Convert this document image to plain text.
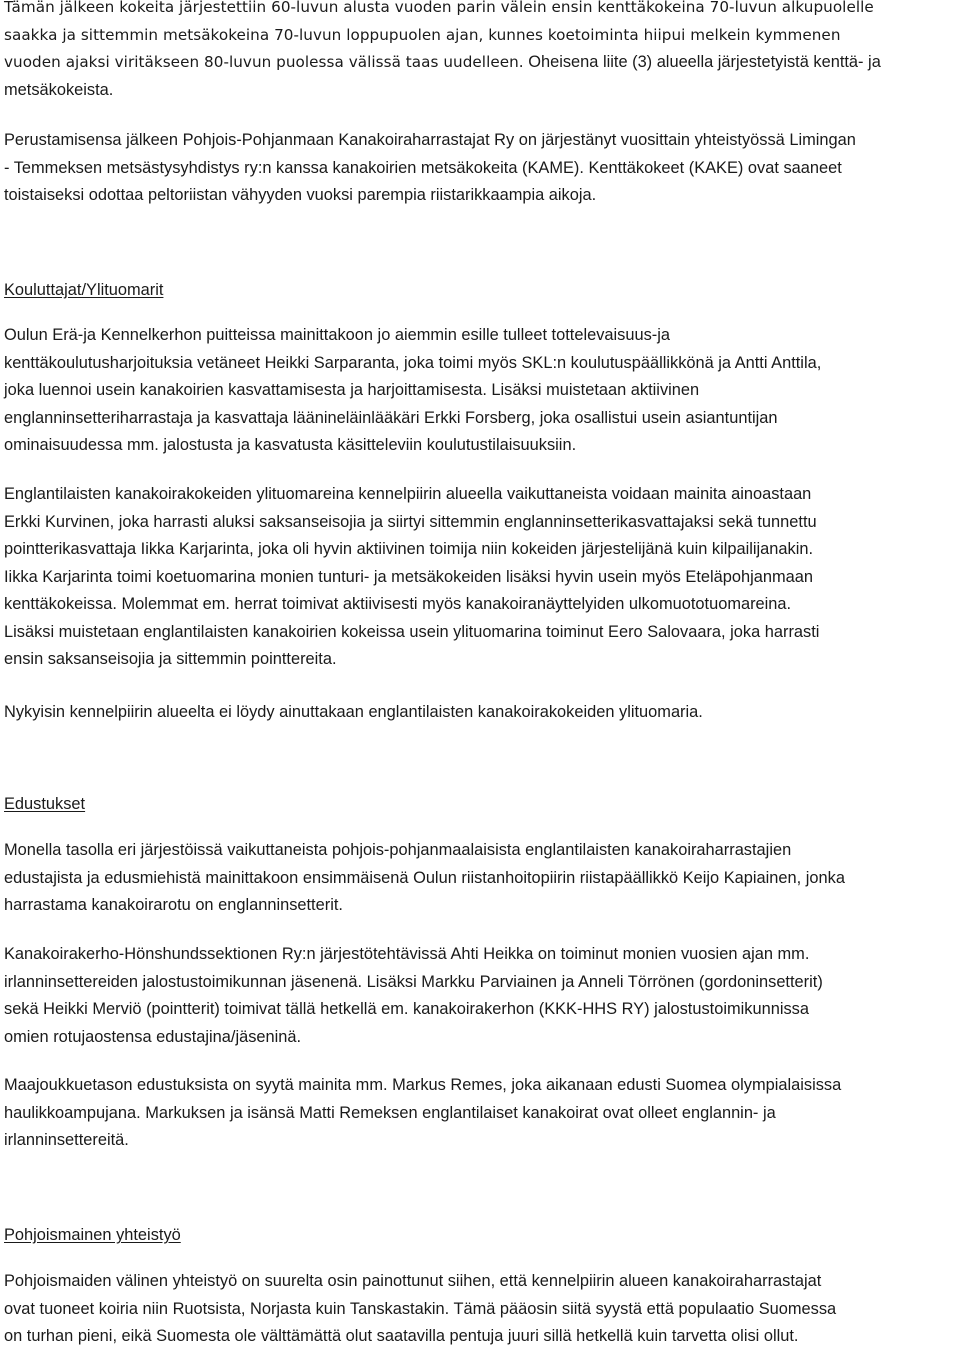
Tämän jälkeen kokeita järjestettiin 60-luvun alusta vuoden parin välein ensin kenttäkokeina 70-luvun alkupuolelle
saakka ja sittemmin metsäkokeina 70-luvun loppupuolen ajan, kunnes koetoiminta hiipui melkein kymmenen
vuoden ajaksi viritäkseen 80-luvun puolessa välissä taas uudelleen. Oheisena liite (3) alueella järjestetyistä kenttä- ja
metsäkokeista.
Perustamisensa jälkeen Pohjois-Pohjanmaan Kanakoiraharrastajat Ry on järjestänyt vuosittain yhteistyössä Limingan
- Temmeksen metsästysyhdistys ry:n kanssa kanakoirien metsäkokeita (KAME). Kenttäkokeet (KAKE) ovat saaneet
toistaiseksi odottaa peltoriistan vähyyden vuoksi parempia riistarikkaampia aikoja.
Kouluttajat/Ylituomarit
Oulun Erä-ja Kennelkerhon puitteissa mainittakoon jo aiemmin esille tulleet tottelevaisuus-ja
kenttäkoulutusharjoituksia vetäneet Heikki Sarparanta, joka toimi myös SKL:n koulutuspäällikkönä ja Antti Anttila,
joka luennoi usein kanakoirien kasvattamisesta ja harjoittamisesta. Lisäksi muistetaan aktiivinen
englanninsetteriharrastaja ja kasvattaja läänineläinlääkäri Erkki Forsberg, joka osallistui usein asiantuntijan
ominaisuudessa mm. jalostusta ja kasvatusta käsitteleviin koulutustilaisuuksiin.
Englantilaisten kanakoirakokeiden ylituomareina kennelpiirin alueella vaikuttaneista voidaan mainita ainoastaan
Erkki Kurvinen, joka harrasti aluksi saksanseisojia ja siirtyi sittemmin englanninsetterikasvattajaksi sekä tunnettu
pointterikasvattaja Iikka Karjarinta, joka oli hyvin aktiivinen toimija niin kokeiden järjestelijänä kuin kilpailijanakin.
Iikka Karjarinta toimi koetuomarina monien tunturi- ja metsäkokeiden lisäksi hyvin usein myös Eteläpohjanmaan
kenttäkokeissa. Molemmat em. herrat toimivat aktiivisesti myös kanakoiranäyttelyiden ulkomuototuomareina.
Lisäksi muistetaan englantilaisten kanakoirien kokeissa usein ylituomarina toiminut Eero Salovaara, joka harrasti
ensin saksanseisojia ja sittemmin pointtereita.
Nykyisin kennelpiirin alueelta ei löydy ainuttakaan englantilaisten kanakoirakokeiden ylituomaria.
Edustukset
Monella tasolla eri järjestöissä vaikuttaneista pohjois-pohjanmaalaisista englantilaisten kanakoiraharrastajien
edustajista ja edusmiehistä mainittakoon ensimmäisenä Oulun riistanhoitopiirin riistapäällikkö Keijo Kapiainen, jonka
harrastama kanakoirarotu on englanninsetterit.
Kanakoirakerho-Hönshundssektionen Ry:n järjestötehtävissä Ahti Heikka on toiminut monien vuosien ajan mm.
irlanninsettereiden jalostustoimikunnan jäsenenä. Lisäksi Markku Parviainen ja Anneli Törrönen (gordoninsetterit)
sekä Heikki Merviö (pointterit) toimivat tällä hetkellä em. kanakoirakerhon (KKK-HHS RY) jalostustoimikunnissa
omien rotujaostensa edustajina/jäseninä.
Maajoukkuetason edustuksista on syytä mainita mm. Markus Remes, joka aikanaan edusti Suomea olympialaisissa
haulikkoampujana. Markuksen ja isänsä Matti Remeksen englantilaiset kanakoirat ovat olleet englannin- ja
irlanninsettereitä.
Pohjoismainen yhteistyö
Pohjoismaiden välinen yhteistyö on suurelta osin painottunut siihen, että kennelpiirin alueen kanakoiraharrastajat
ovat tuoneet koiria niin Ruotsista, Norjasta kuin Tanskastakin. Tämä pääosin siitä syystä että populaatio Suomessa
on turhan pieni, eikä Suomesta ole välttämättä olut saatavilla pentuja juuri sillä hetkellä kuin tarvetta olisi ollut.
